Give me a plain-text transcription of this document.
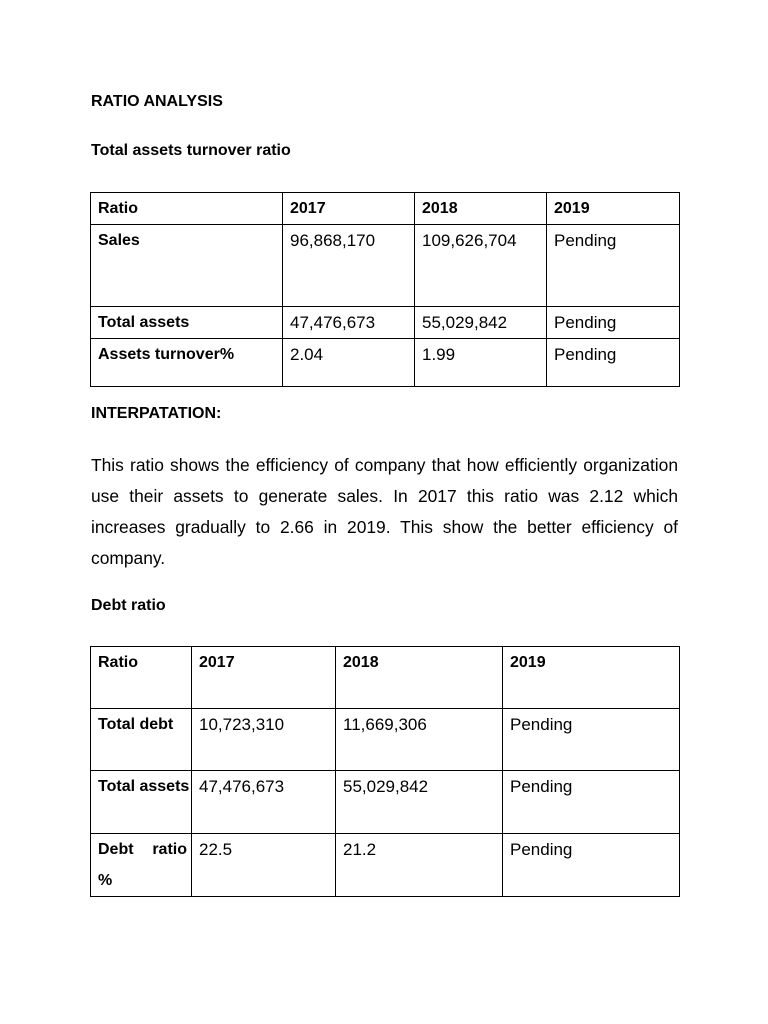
RATIO ANALYSIS
Total assets turnover ratio
Ratio	2017	2018	2019
Sales	96,868,170	109,626,704	Pending
Total assets	47,476,673	55,029,842	Pending
Assets turnover%	2.04	1.99	Pending
INTERPATATION:
This ratio shows the efficiency of company that how efficiently organization use their assets to generate sales. In 2017 this ratio was 2.12 which increases gradually to 2.66 in 2019. This show the better efficiency of company.
Debt ratio
Ratio	2017	2018	2019
Total debt	10,723,310	11,669,306	Pending
Total assets	47,476,673	55,029,842	Pending
Debt ratio %	22.5	21.2	Pending
